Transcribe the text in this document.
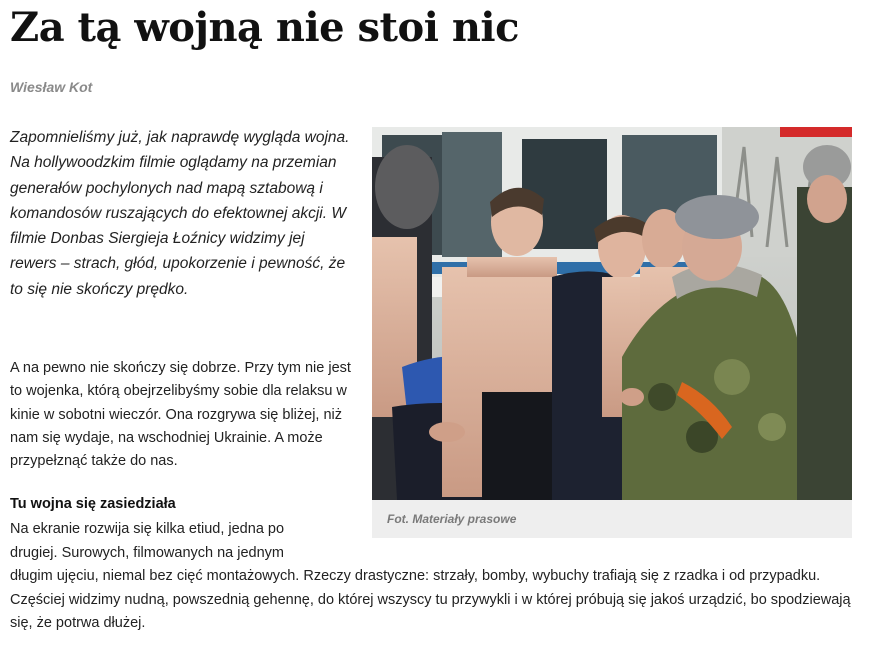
Za tą wojną nie stoi nic
Wiesław Kot

Zapomnieliśmy już, jak naprawdę wygląda wojna. Na hollywoodzkim filmie oglądamy na przemian generałów pochylonych nad mapą sztabową i komandosów ruszających do efektownej akcji. W filmie Donbas Siergieja Łoźnicy widzimy jej rewers – strach, głód, upokorzenie i pewność, że to się nie skończy prędko.

A na pewno nie skończy się dobrze. Przy tym nie jest to wojenka, którą obejrzelibyśmy sobie dla relaksu w kinie w sobotni wieczór. Ona rozgrywa się bliżej, niż nam się wydaje, na wschodniej Ukrainie. A może przypełznąć także do nas.

Tu wojna się zasiedziała

Na ekranie rozwija się kilka etiud, jedna po drugiej. Surowych, filmowanych na jednym długim ujęciu, niemal bez cięć montażowych. Rzeczy drastyczne: strzały, bomby, wybuchy trafiają się z rzadka i od przypadku. Częściej widzimy nudną, powszednią gehennę, do której wszyscy tu przywykli i w której próbują się jakoś urządzić, bo spodziewają się, że potrwa dłużej.

Fot. Materiały prasowe
